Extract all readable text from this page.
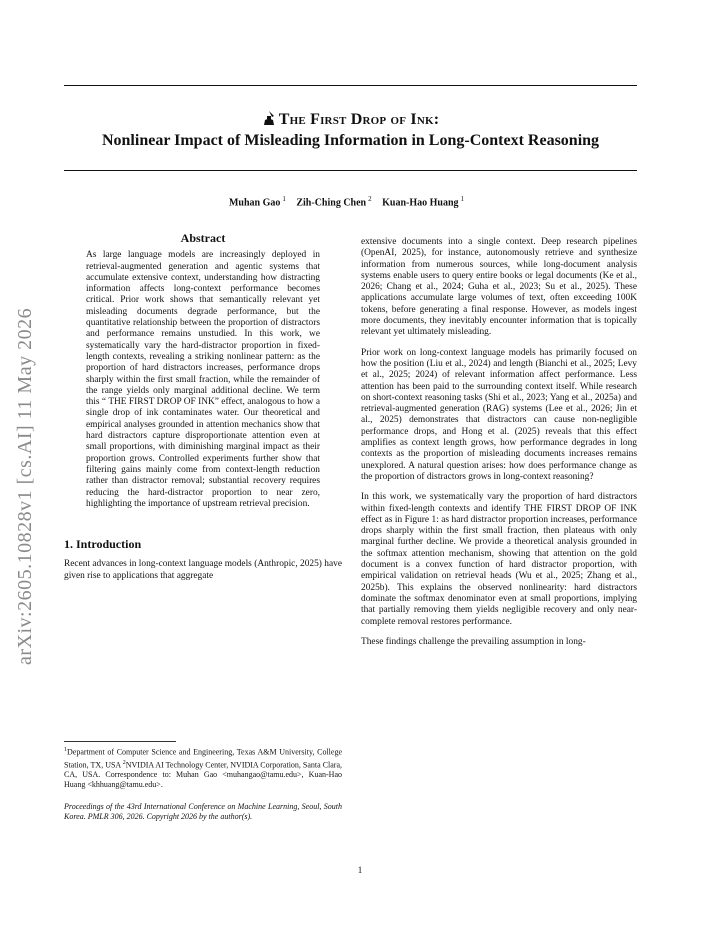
The First Drop of Ink:
Nonlinear Impact of Misleading Information in Long-Context Reasoning
Muhan Gao $^1$ Zih-Ching Chen $^2$ Kuan-Hao Huang $^1$
arXiv:2605.10828v1 [cs.AI] 11 May 2026
Abstract
As large language models are increasingly deployed in retrieval-augmented generation and agentic systems that accumulate extensive context, understanding how distracting information affects long-context performance becomes critical. Prior work shows that semantically relevant yet misleading documents degrade performance, but the quantitative relationship between the proportion of distractors and performance remains unstudied. In this work, we systematically vary the hard-distractor proportion in fixed-length contexts, revealing a striking nonlinear pattern: as the proportion of hard distractors increases, performance drops sharply within the first small fraction, while the remainder of the range yields only marginal additional decline. We term this “ THE FIRST DROP OF INK” effect, analogous to how a single drop of ink contaminates water. Our theoretical and empirical analyses grounded in attention mechanics show that hard distractors capture disproportionate attention even at small proportions, with diminishing marginal impact as their proportion grows. Controlled experiments further show that filtering gains mainly come from context-length reduction rather than distractor removal; substantial recovery requires reducing the hard-distractor proportion to near zero, highlighting the importance of upstream retrieval precision.
1. Introduction
Recent advances in long-context language models (Anthropic, 2025) have given rise to applications that aggregate
$^1$Department of Computer Science and Engineering, Texas A&M University, College Station, TX, USA $^2$NVIDIA AI Technology Center, NVIDIA Corporation, Santa Clara, CA, USA. Correspondence to: Muhan Gao <muhangao@tamu.edu>, Kuan-Hao Huang <khhuang@tamu.edu>.
Proceedings of the 43rd International Conference on Machine Learning, Seoul, South Korea. PMLR 306, 2026. Copyright 2026 by the author(s).

extensive documents into a single context. Deep research pipelines (OpenAI, 2025), for instance, autonomously retrieve and synthesize information from numerous sources, while long-document analysis systems enable users to query entire books or legal documents (Ke et al., 2026; Chang et al., 2024; Guha et al., 2023; Su et al., 2025). These applications accumulate large volumes of text, often exceeding 100K tokens, before generating a final response. However, as models ingest more documents, they inevitably encounter information that is topically relevant yet ultimately misleading.

Prior work on long-context language models has primarily focused on how the position (Liu et al., 2024) and length (Bianchi et al., 2025; Levy et al., 2025; 2024) of relevant information affect performance. Less attention has been paid to the surrounding context itself. While research on short-context reasoning tasks (Shi et al., 2023; Yang et al., 2025a) and retrieval-augmented generation (RAG) systems (Lee et al., 2026; Jin et al., 2025) demonstrates that distractors can cause non-negligible performance drops, and Hong et al. (2025) reveals that this effect amplifies as context length grows, how performance degrades in long contexts as the proportion of misleading documents increases remains unexplored. A natural question arises: how does performance change as the proportion of distractors grows in long-context reasoning?

In this work, we systematically vary the proportion of hard distractors within fixed-length contexts and identify THE FIRST DROP OF INK effect as in Figure 1: as hard distractor proportion increases, performance drops sharply within the first small fraction, then plateaus with only marginal further decline. We provide a theoretical analysis grounded in the softmax attention mechanism, showing that attention on the gold document is a convex function of hard distractor proportion, with empirical validation on retrieval heads (Wu et al., 2025; Zhang et al., 2025b). This explains the observed nonlinearity: hard distractors dominate the softmax denominator even at small proportions, implying that partially removing them yields negligible recovery and only near-complete removal restores performance.

These findings challenge the prevailing assumption in long-

1
